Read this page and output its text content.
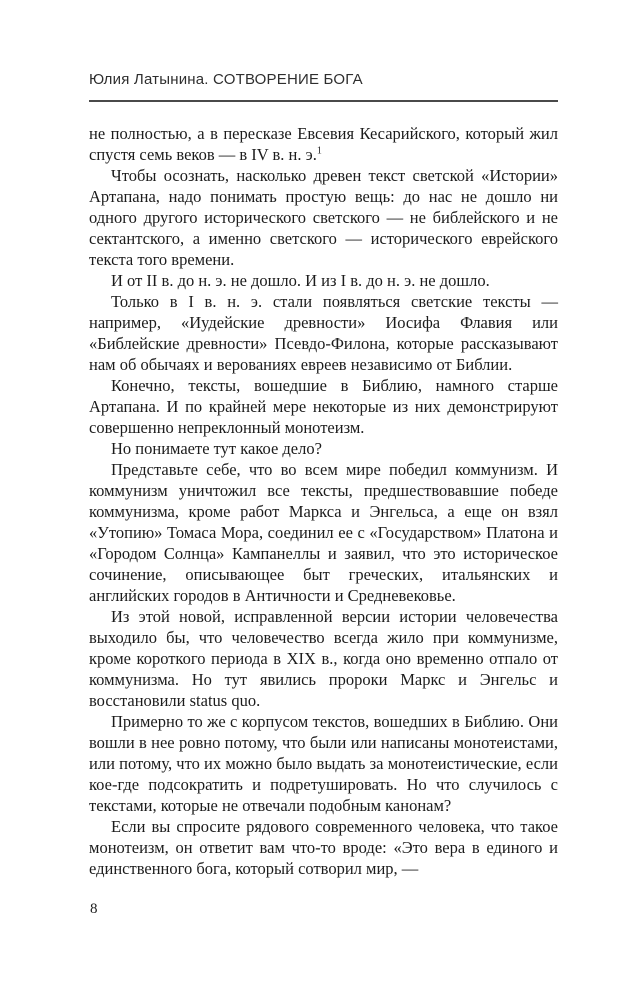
Юлия Латынина. СОТВОРЕНИЕ БОГА

не полностью, а в пересказе Евсевия Кесарийского, который жил спустя семь веков — в IV в. н. э.$^1$

Чтобы осознать, насколько древен текст светской «Истории» Артапана, надо понимать простую вещь: до нас не дошло ни одного другого исторического светского — не библейского и не сектантского, а именно светского — исторического еврейского текста того времени.

И от II в. до н. э. не дошло. И из I в. до н. э. не дошло.

Только в I в. н. э. стали появляться светские тексты — например, «Иудейские древности» Иосифа Флавия или «Библейские древности» Псевдо-Филона, которые рассказывают нам об обычаях и верованиях евреев независимо от Библии.

Конечно, тексты, вошедшие в Библию, намного старше Артапана. И по крайней мере некоторые из них демонстрируют совершенно непреклонный монотеизм.

Но понимаете тут какое дело?

Представьте себе, что во всем мире победил коммунизм. И коммунизм уничтожил все тексты, предшествовавшие победе коммунизма, кроме работ Маркса и Энгельса, а еще он взял «Утопию» Томаса Мора, соединил ее с «Государством» Платона и «Городом Солнца» Кампанеллы и заявил, что это историческое сочинение, описывающее быт греческих, итальянских и английских городов в Античности и Средневековье.

Из этой новой, исправленной версии истории человечества выходило бы, что человечество всегда жило при коммунизме, кроме короткого периода в XIX в., когда оно временно отпало от коммунизма. Но тут явились пророки Маркс и Энгельс и восстановили status quo.

Примерно то же с корпусом текстов, вошедших в Библию. Они вошли в нее ровно потому, что были или написаны монотеистами, или потому, что их можно было выдать за монотеистические, если кое-где подсократить и подретушировать. Но что случилось с текстами, которые не отвечали подобным канонам?

Если вы спросите рядового современного человека, что такое монотеизм, он ответит вам что-то вроде: «Это вера в единого и единственного бога, который сотворил мир, —

8
